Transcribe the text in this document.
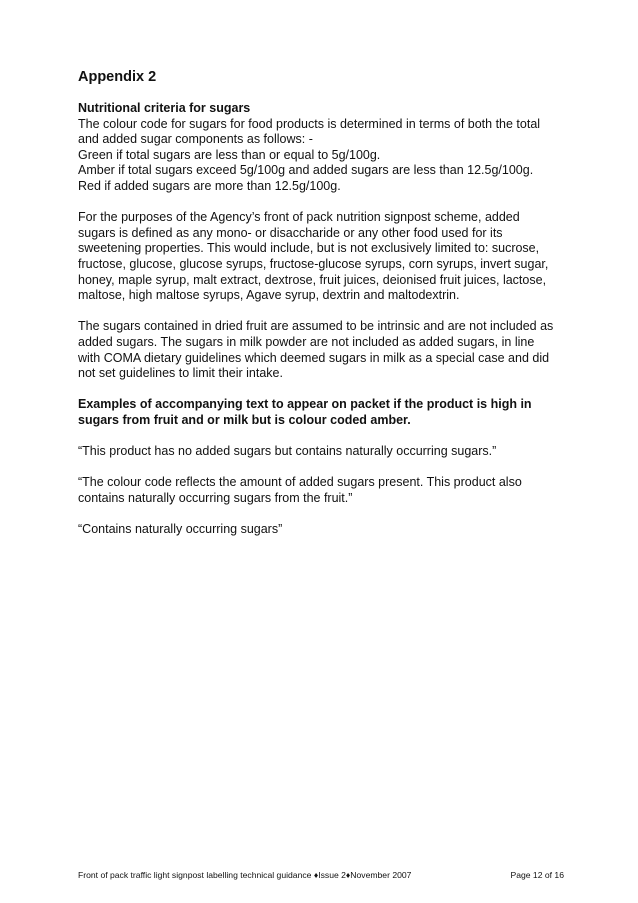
Appendix 2
Nutritional criteria for sugars
The colour code for sugars for food products is determined in terms of both the total
and added sugar components as follows: -
Green if total sugars are less than or equal to 5g/100g.
Amber if total sugars exceed 5g/100g and added sugars are less than 12.5g/100g.
Red if added sugars are more than 12.5g/100g.
For the purposes of the Agency’s front of pack nutrition signpost scheme, added
sugars is defined as any mono- or disaccharide or any other food used for its
sweetening properties. This would include, but is not exclusively limited to: sucrose,
fructose, glucose, glucose syrups, fructose-glucose syrups, corn syrups, invert sugar,
honey, maple syrup, malt extract, dextrose, fruit juices, deionised fruit juices, lactose,
maltose, high maltose syrups, Agave syrup, dextrin and maltodextrin.
The sugars contained in dried fruit are assumed to be intrinsic and are not included as
added sugars. The sugars in milk powder are not included as added sugars, in line
with COMA dietary guidelines which deemed sugars in milk as a special case and did
not set guidelines to limit their intake.
Examples of accompanying text to appear on packet if the product is high in
sugars from fruit and or milk but is colour coded amber.
“This product has no added sugars but contains naturally occurring sugars.”
“The colour code reflects the amount of added sugars present. This product also
contains naturally occurring sugars from the fruit.”
“Contains naturally occurring sugars”
Front of pack traffic light signpost labelling technical guidance ♦Issue 2♦November 2007	Page 12 of 16
